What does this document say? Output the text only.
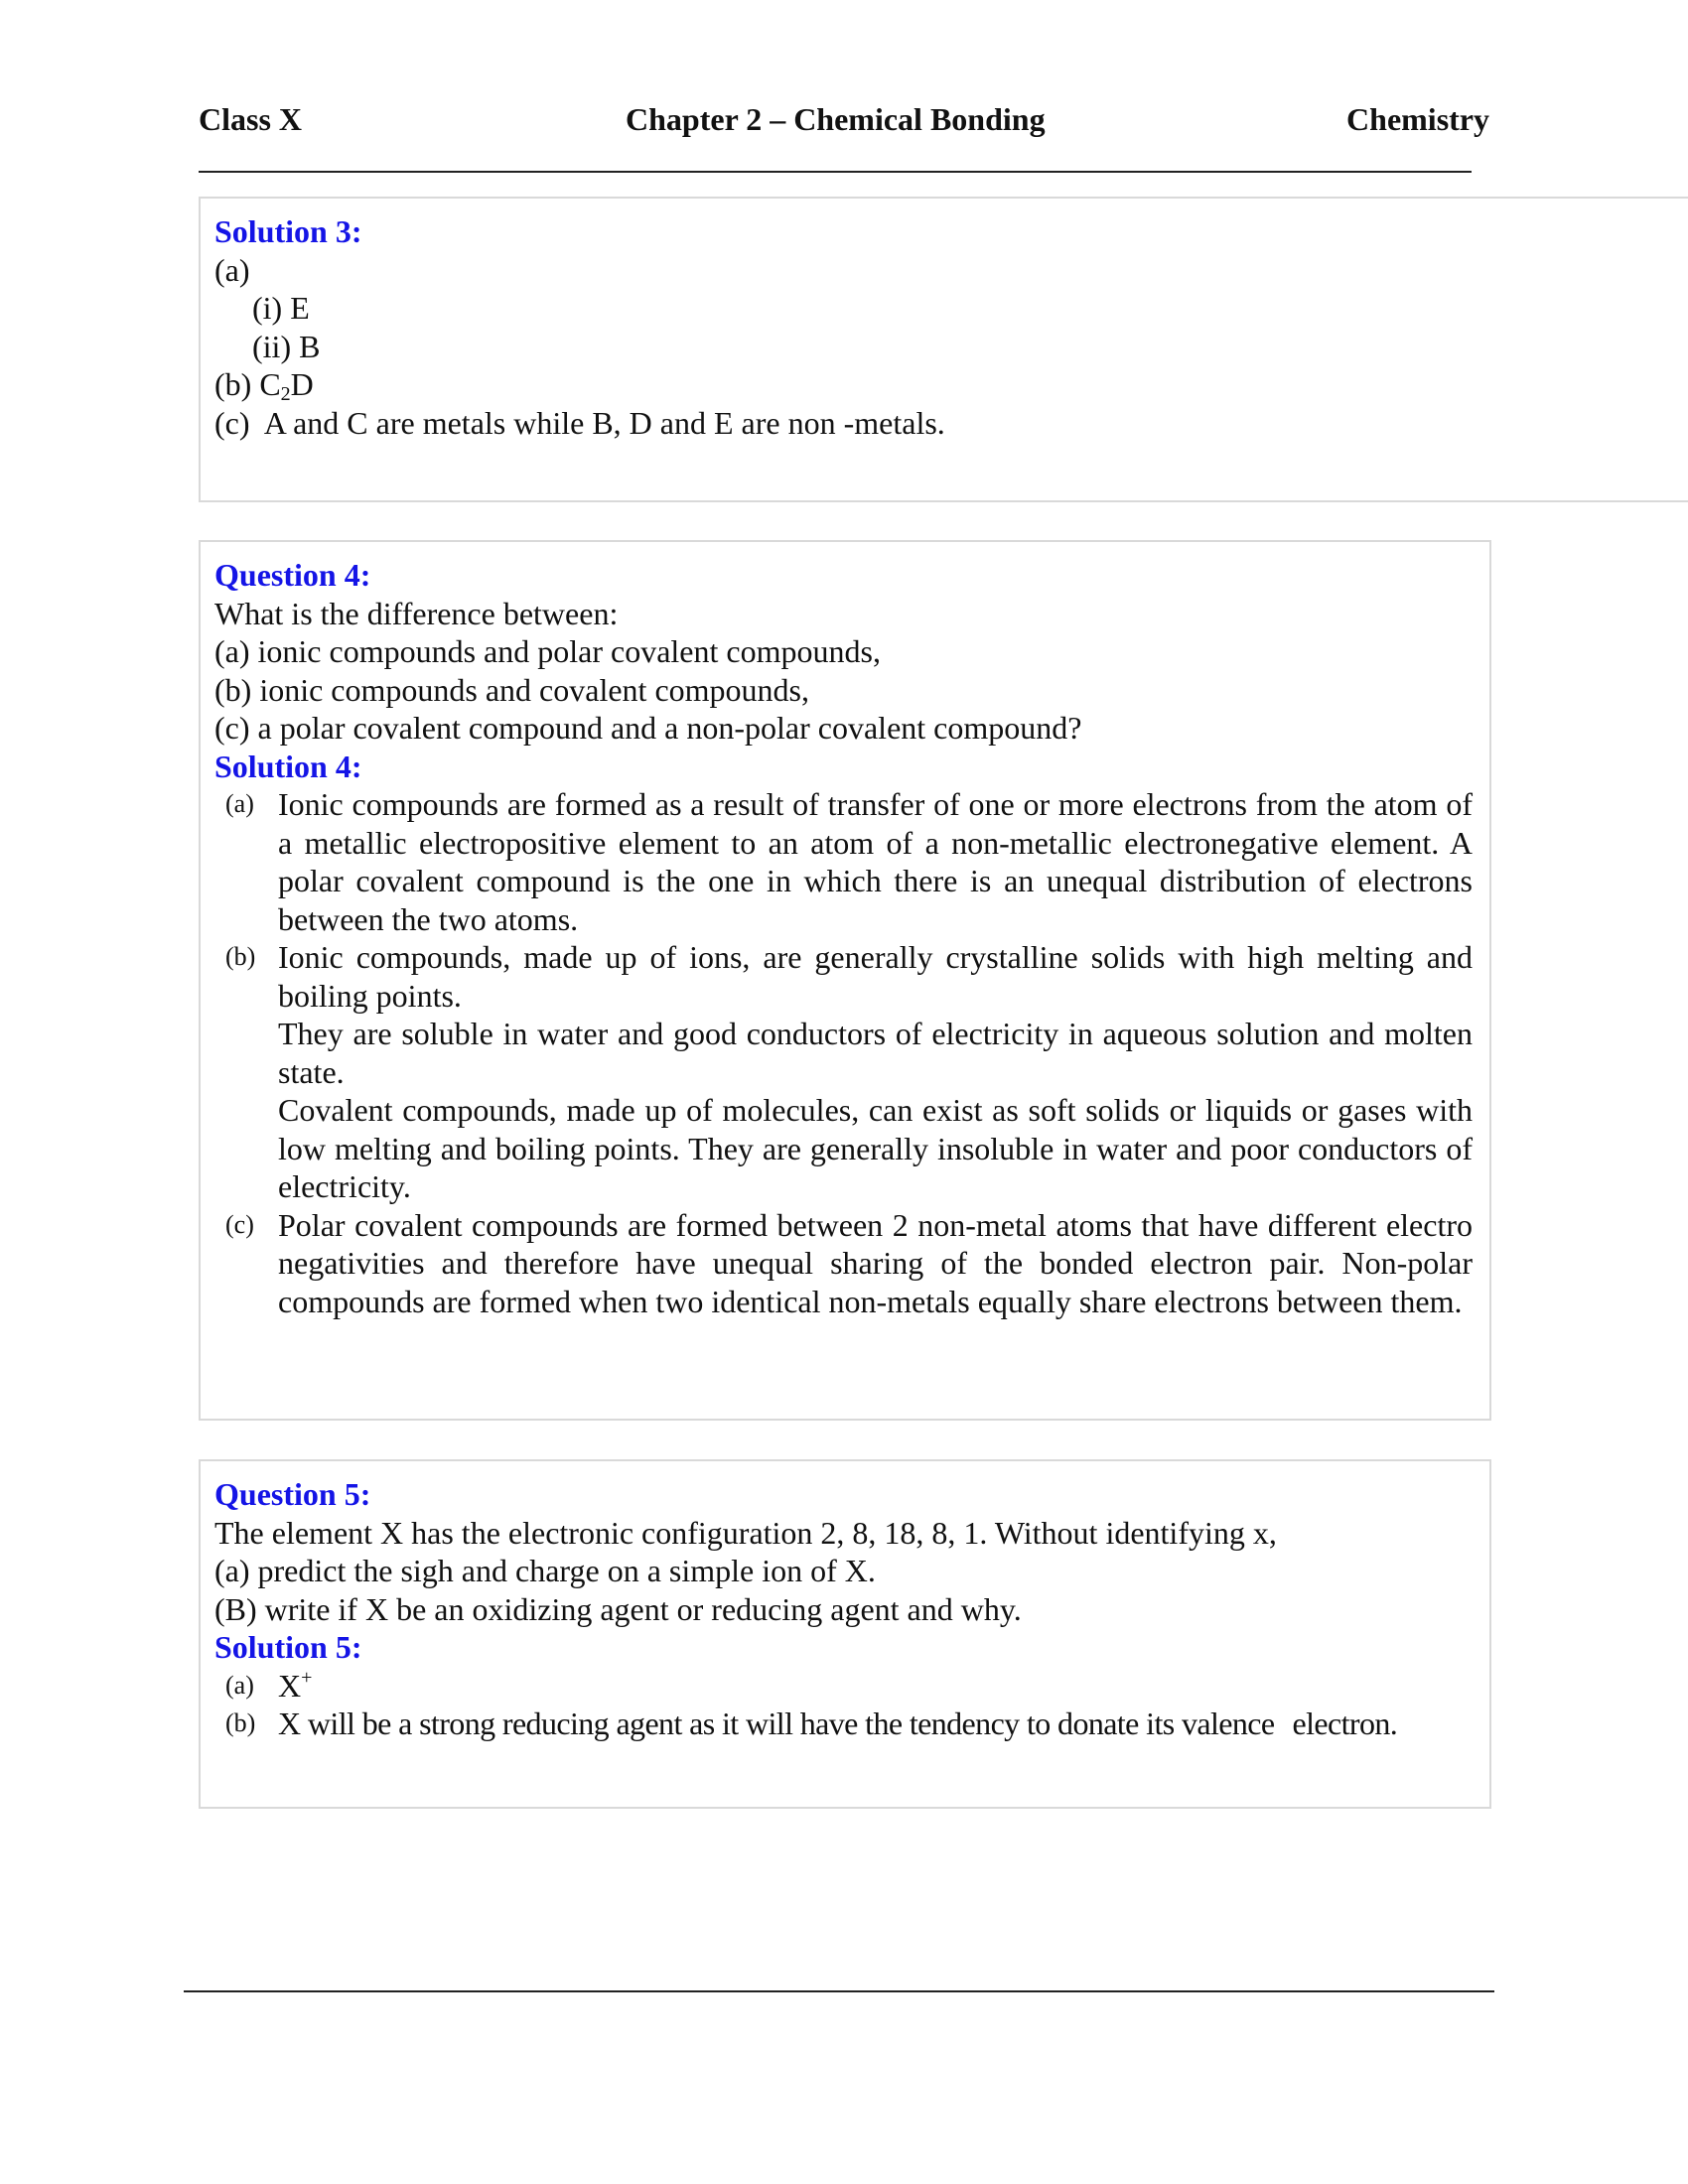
Class X	Chapter 2 – Chemical Bonding	Chemistry
Solution 3:
(a)
(i) E
(ii) B
(b) $C_2D$
(c) A and C are metals while B, D and E are non -metals.
Question 4:
What is the difference between:
(a) ionic compounds and polar covalent compounds,
(b) ionic compounds and covalent compounds,
(c) a polar covalent compound and a non-polar covalent compound?
Solution 4:
(a) Ionic compounds are formed as a result of transfer of one or more electrons from the atom of a metallic electropositive element to an atom of a non-metallic electronegative element. A polar covalent compound is the one in which there is an unequal distribution of electrons between the two atoms.

(b) Ionic compounds, made up of ions, are generally crystalline solids with high melting and boiling points.

They are soluble in water and good conductors of electricity in aqueous solution and molten state.

Covalent compounds, made up of molecules, can exist as soft solids or liquids or gases with low melting and boiling points. They are generally insoluble in water and poor conductors of electricity.

(c) Polar covalent compounds are formed between 2 non-metal atoms that have different electro negativities and therefore have unequal sharing of the bonded electron pair. Non-polar compounds are formed when two identical non-metals equally share electrons between them.

Question 5:
The element X has the electronic configuration 2, 8, 18, 8, 1. Without identifying x,
(a) predict the sigh and charge on a simple ion of X.
(B) write if X be an oxidizing agent or reducing agent and why.
Solution 5:
(a) X+
(b) X will be a strong reducing agent as it will have the tendency to donate its valence electron.
